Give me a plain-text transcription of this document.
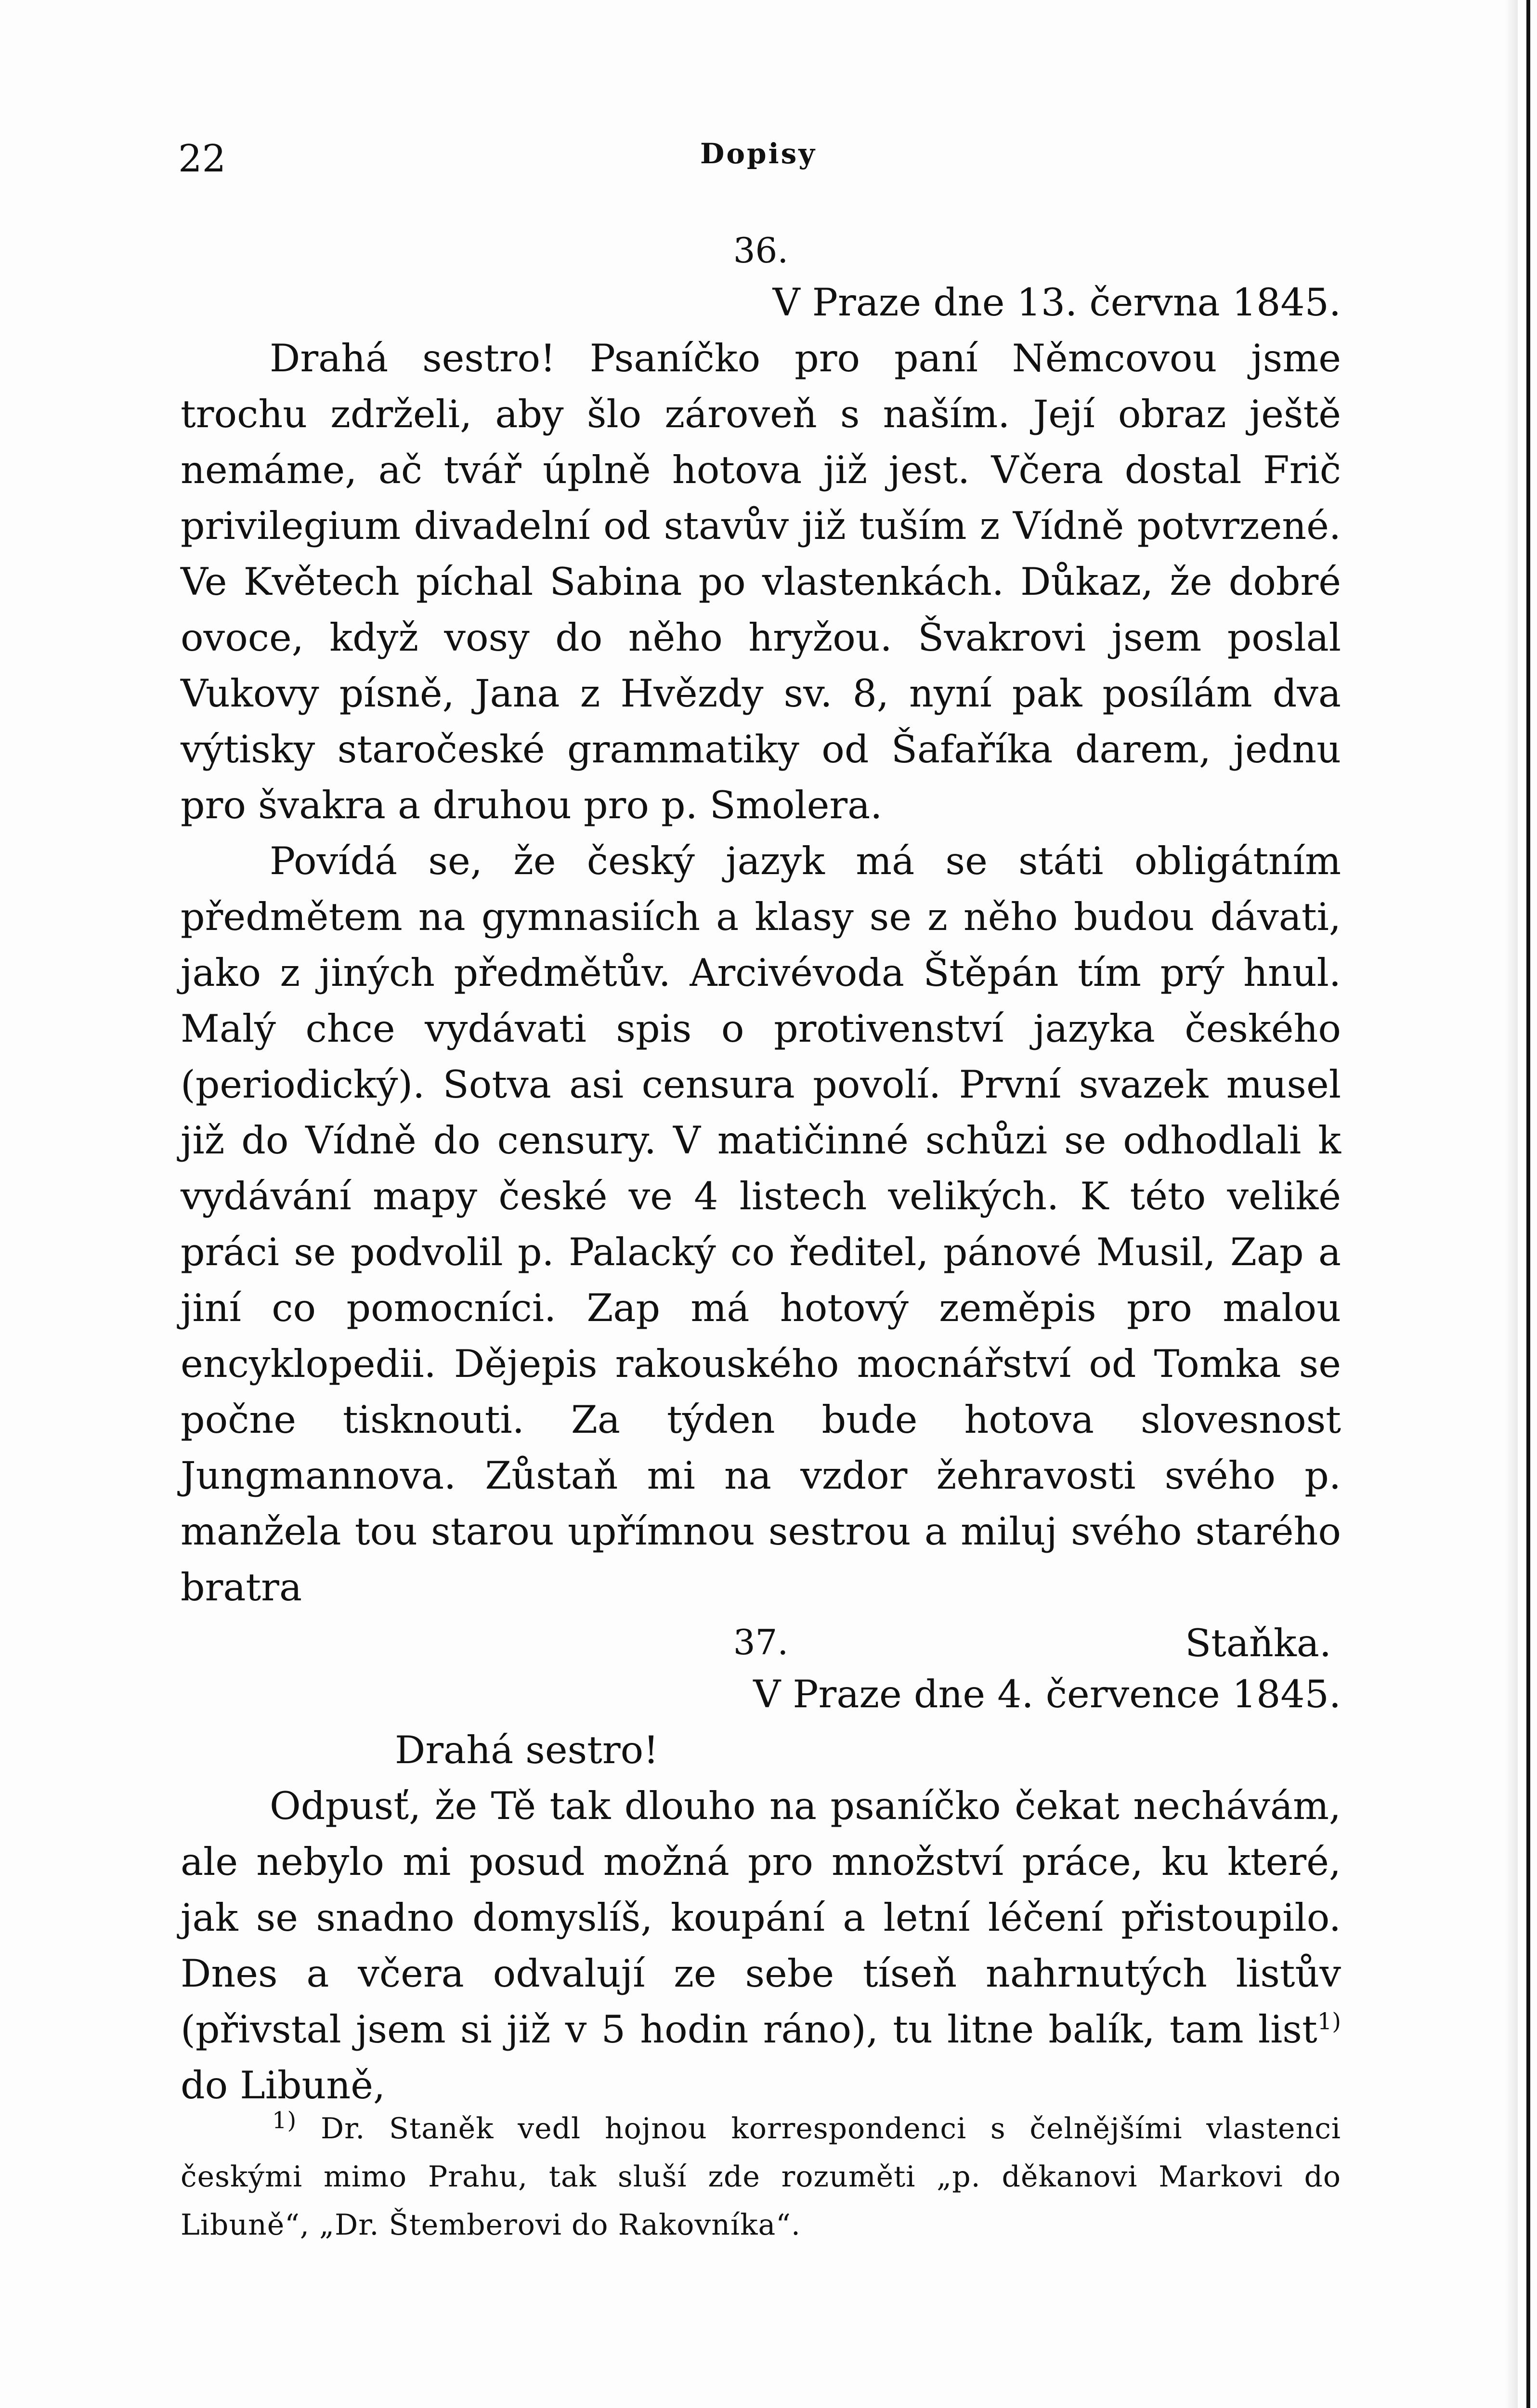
22	Dopisy
36.
V Praze dne 13. června 1845.

Drahá sestro! Psaníčko pro paní Němcovou jsme trochu zdrželi, aby šlo zároveň s naším. Její obraz ještě nemáme, ač tvář úplně hotova již jest. Včera dostal Frič privilegium divadelní od stavův již tuším z Vídně potvrzené. Ve Květech píchal Sabina po vlastenkách. Důkaz, že dobré ovoce, když vosy do něho hryžou. Švakrovi jsem poslal Vukovy písně, Jana z Hvězdy sv. 8, nyní pak posílám dva výtisky staročeské grammatiky od Šafaříka darem, jednu pro švakra a druhou pro p. Smolera.

Povídá se, že český jazyk má se státi obligátním předmětem na gymnasiích a klasy se z něho budou dávati, jako z jiných předmětův. Arcivévoda Štěpán tím prý hnul. Malý chce vydávati spis o protivenství jazyka českého (periodický). Sotva asi censura povolí. První svazek musel již do Vídně do censury. V matičinné schůzi se odhodlali k vydávání mapy české ve 4 listech velikých. K této veliké práci se podvolil p. Palacký co ředitel, pánové Musil, Zap a jiní co pomocníci. Zap má hotový zeměpis pro malou encyklopedii. Dějepis rakouského mocnářství od Tomka se počne tisknouti. Za týden bude hotova slovesnost Jungmannova. Zůstaň mi na vzdor žehravosti svého p. manžela tou starou upřímnou sestrou a miluj svého starého bratra

Staňka.
37.
V Praze dne 4. července 1845.

Drahá sestro!

Odpusť, že Tě tak dlouho na psaníčko čekat nechávám, ale nebylo mi posud možná pro množství práce, ku které, jak se snadno domyslíš, koupání a letní léčení přistoupilo. Dnes a včera odvalují ze sebe tíseň nahrnutých listův (přivstal jsem si již v 5 hodin ráno), tu litne balík, tam list$^{1)}$ do Libuně,

$^{1)}$ Dr. Staněk vedl hojnou korrespondenci s čelnějšími vlastenci českými mimo Prahu, tak sluší zde rozuměti „p. děkanovi Markovi do Libuně“, „Dr. Štemberovi do Rakovníka“.
